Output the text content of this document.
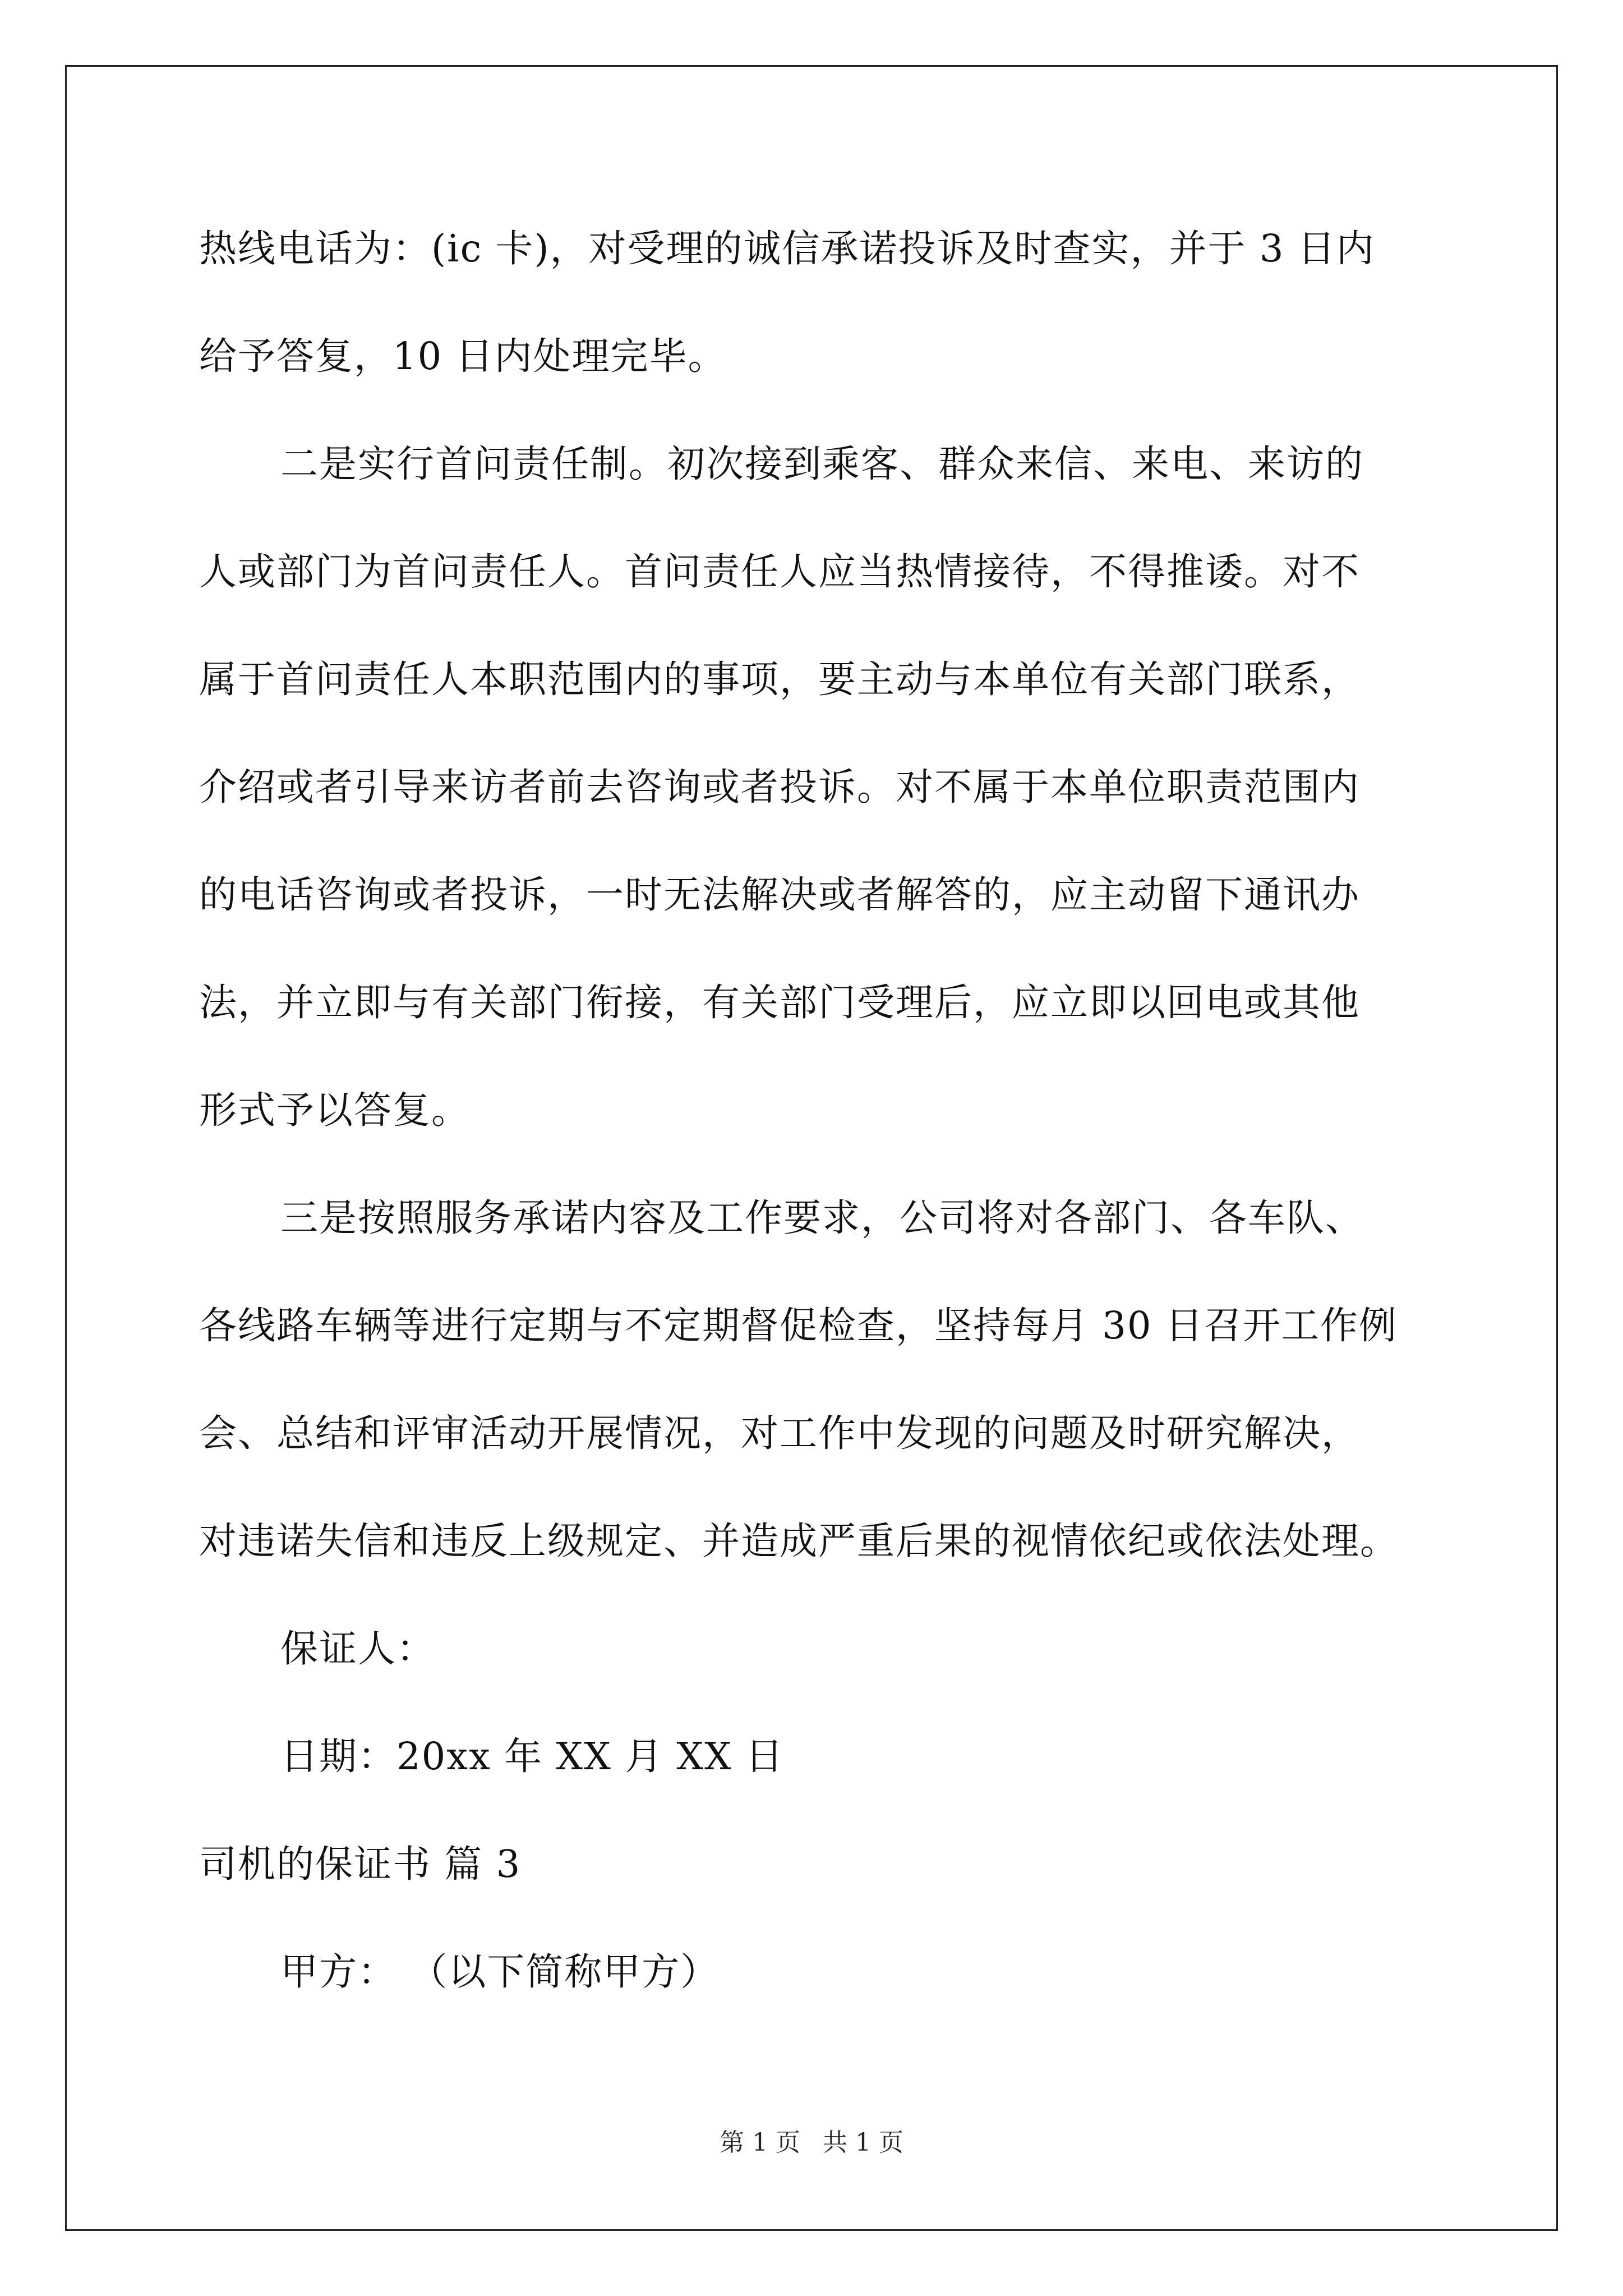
热线电话为：(ic 卡)，对受理的诚信承诺投诉及时查实，并于 3 日内
给予答复，10 日内处理完毕。
二是实行首问责任制。初次接到乘客、群众来信、来电、来访的
人或部门为首问责任人。首问责任人应当热情接待，不得推诿。对不
属于首问责任人本职范围内的事项，要主动与本单位有关部门联系，
介绍或者引导来访者前去咨询或者投诉。对不属于本单位职责范围内
的电话咨询或者投诉，一时无法解决或者解答的，应主动留下通讯办
法，并立即与有关部门衔接，有关部门受理后，应立即以回电或其他
形式予以答复。
三是按照服务承诺内容及工作要求，公司将对各部门、各车队、
各线路车辆等进行定期与不定期督促检查，坚持每月 30 日召开工作例
会、总结和评审活动开展情况，对工作中发现的问题及时研究解决，
对违诺失信和违反上级规定、并造成严重后果的视情依纪或依法处理。
保证人：
日期：20xx 年 XX 月 XX 日
司机的保证书 篇 3
甲方： （以下简称甲方）
第 1 页 共 1 页
